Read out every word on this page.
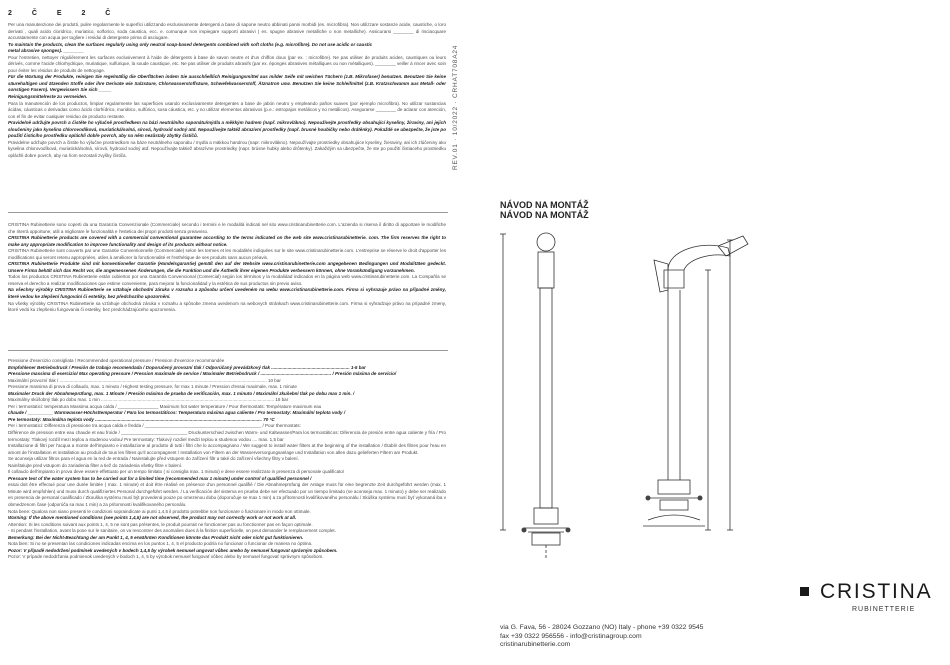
2 Č E 2 Č

Per una manutenzione dei prodotti, pulire regolarmente le superfici utilizzando esclusivamente detergenti a base di sapone neutro abbinati panni morbidi (es. microfibra). Non utilizzare sostanze acide, caustiche, o loro derivati , quali acido cloridrico, muriatico, solforico, soda caustica, ecc. e. comunque non impiegare supporti abrasivi ( es. spugne abrasive metalliche o non metalliche). Assicurarsi ________ di risciacquare accuratamente con acqua per togliere i residui di detergente prima di asciugare.

To maintain the products, clean the surfaces regularly using only neutral soap-based detergents combined with soft cloths (e.g. microfibre). Do not use acidic or caustic

metal abrasive sponges). ________

Pour l'entretien, nettoyer régulièrement les surfaces exclusivement à l'aide de détergents à base de savon neutre et d'un chiffon doux (par ex. : microfibre). Ne pas utiliser de produits acides, caustiques ou leurs dérivés, comme l'acide chlorhydrique, muriatique, sulfurique, la soude caustique, etc. Ne pas utiliser de produits abrasifs (par ex. éponges abrasives métalliques ou non métalliques). ________ veiller à rincer avec soin pour éviter les résidus de produits de nettoyage.

Für die Wartung der Produkte, reinigen Sie regelmäßig die Oberflächen indem Sie ausschließlich Reinigungsmittel aus milder Seife mit weichen Tüchern (z.B. Mikrofaser) benutzen. Benutzen Sie keine säurehaltigen und ätzenden Stoffe oder ihre Derivate wie Salzsäure, Chlorwasserstoffsäure, Schwefelwasserstoff, Ätznatron usw. Benutzen Sie keine Schleifmittel (z.B. Kratzschwamm aus Metall- oder sonstigen Fasern). Vergewissern Sie sich _____

Reinigungsmittelreste zu vermeiden.

Para la manutención de los productos, limpiar regularmente las superficies usando exclusivamente detergentes a base de jabón neutro y empleando paños suaves (por ejemplo microfibra). No utilizar sustancias ácidas, cáusticas o derivadas como ácido clorhídrico, muriático, sulfúrico, sosa cáustica, etc. y no utilizar elementos abrasivos (p.e.: estropajos metálicos y no metálicos). Asegurarse ________ de aclarar con atención, con el fin de evitar cualquier residuo de producto restante.

Pravidelně udržujte povrch a čistěte ho výlučně prostředkem na bázi neutrálního saponátu/mýdla a měkkým hadrem (např. mikrovlákno). Nepoužívejte prostředky obsahující kyseliny, žíraviny, ani jejich sloučeniny jako kyselina chlorovodíková, muriatická/solná, sírová, hydroxid sodný atd. Nepoužívejte taktéž abrazivní prostředky (např. brusné houbičky nebo drátěnky). Pokaždé se ubezpečte, že jste po použití čisticího prostředku opláchli dobře povrch, aby na něm nezůstaly zbytky čističů.

Pravidelne udržujte povrch a čistite ho výlučne prostriedkom na báze neutrálneho saponátu / mydla a mäkkou handrou (napr. mikrovlákno). Nepoužívajte prostriedky obsahujúce kyseliny, žieraviny, ani ich zlúčeniny ako kyselina chlorovodíková, muriatická/solná, sírová, hydroxid sodný atď. Nepoužívajte taktiež abrazívne prostriedky (napr. brúsne hubky alebo drôtenky). Zakaždým sa ubezpečte, že ste po použití čistiaceho prostriedku opláchli dobre povrch, aby na ňom nezostali zvyšky čističa.

CRISTINA Rubinetterie sono coperti da una Garanzia Convenzionale (Commerciale) secondo i termini e le modalità indicati nel sito www.cristinarubinetterie.com. L'azienda si riserva il diritto di apportare le modifiche che riterrà opportune, utili a migliorare le funzionalità e l'estetica dei propri prodotti senza preavviso.

CRISTINA Rubinetterie products are covered with a commercial conventional guarantee according to the terms indicated on the web site www.cristinarubinetterie. com. The firm reserves the right to make any appropriate modification to improve functionality and design of its products without notice.

CRISTINA Rubinetterie sont couverts par une Garantie Conventionnelle (Commerciale) selon les termes et les modalités indiquées sur le site www.cristinarubinetterie.com. L'entreprise se réserve le droit d'apporter les modifications qui seront retenu appropriées, utiles à améliorer la fonctionnalité et l'esthétique de ses produits sans aucun préavis.

CRISTINA Rubinetterie Produkte sind mit konventioneller Garantie (Handelsgarantie) gemäß den auf der Website www.cristinarubinetterie.com angegebenen Bedingungen und Modalitäten gedeckt. Unsere Firma behält sich das Recht vor, die angemessenen Änderungen, die die Funktion und die Ästhetik ihrer eigenen Produkte verbessern können, ohne Vorankündigung vorzunehmen.

Todos los productos CRISTINA Rubinetterie están cubiertos por una Garantía Convencional (Comercial) según los términos y la modalidad indicados en la página web www.cristinarubinetterie.com. La Compañía se reserva el derecho a realizar modificaciones que estime conveniente, para mejorar la funcionalidad y la estética de sus productos sin previo aviso.

Na všechny výrobky CRISTINA Rubinetterie se vztahuje obchodní záruka v rozsahu a způsobu určení uvedeném na webu www.cristinarubinetterie.com. Firma si vyhrazuje právo na případné změny, které vedou ke zlepšení fungování či estetiky, bez předchozího upozornění.

Na všetky výrobky CRISTINA Rubinetterie sa vzťahuje obchodná záruka v rozsahu a spôsobe zmena uvedenom na webovych stránkach www.cristinarubinetterie.com. Firma si vyhradzuje právo na prípadné zmeny, ktoré vedú ku zlepšeniu fungovania či estetiky, bez predchádzajúceho upozornenia.

Pressione d'esercizio consigliata / Recommended operational pressure / Pression d'exercice recommandée

Empfohlener Betriebsdruck / Presión de trabajo recomendada / Doporučený provozní tlak / Odporúčaný prevádzkový tlak .............................................................. 1-5 bar

Pressione massima di esercizio/ Max operating pressure / Pression maximale de service / Maximaler Betriebsdruck / ........................................................ / Presión máxima de servicio/

Maximální provozní tlak / .................................................................................................................................................................... 10 bar

Pressione massima di prova di collaudo, max. 1 minuto / Highest testing pressure, for max 1 minute / Pression d'essai maximale, max. 1 minute

Maximaler Druck der Abnahmeprüfung, max. 1 Minute / Presión máxima de prueba de verificación, max. 1 minuto / Maximální zkušební tlak po dobu max 1 min. /

Maximálny skúšobný tlak po dobu max. 1 min ......................................................................................................................................... 16 bar

Per i termostatici: temperatura Massima acqua calda / ________________ Maximum hot water temperature / Pour thermostats: Température maximum eau

chaude / __________ Warmwasser-Höchsttemperatur / Para los termostáticos: Temperatura máxima agua caliente / Pro termostaty: Maximální teplota vody /

Pre termostaty: Maximálna teplota vody .................................................................................................................................... 70 °C

Per i termostatici: Differenza di pressione tra acqua calda e fredda / ______________________________________________ / Pour thermostats:

Différence de pression entre eau chaude et eau froide / __________________________ Druckunterschied zwischen Warm- und Kaltwasser/Para los termostáticos: Diferencia de presión entre agua caliente y fría / Pro termostaty: Tlakový rozdíl mezi teplou a studenou vodou/ Pre termostaty: Tlakový rozdiel medzi teplou a studenou vodou .... max. 1,5 bar

Installazione di filtri per l'acqua a monte dell'impianto e installazione al prodotto di tutti i filtri che lo accompagnano / We suggest to install water filters at the beginning of the installation / Établir des filtres pour l'eau en amont de l'installation et installation au produit de tous les filtres qu'il accompagnent / Installation von Filtern an der Wasserversorgungsanlage und Installation von allen dazu gelieferten Filtern am Produkt.

Se aconseja utilizar filtros para el agua en la red de entrada / Nainstalujte před vstupem do zařízení filtr a také do zařízení všechny filtry v balení.

Nainštalujte pred vstupom do zariadenia filter a tiež do zariadenia všetky filtre v balení.

Il collaudo dell'impianto in prova deve essere effettuato per un tempo limitato ( si consiglia max. 1 minuto) e deve essere realizzato in presenza di personale qualificato/

Pressure test of the water system has to be carried out for a limited time (recommended max 1 minute) under control of qualified personnel /

essai doit être effectué pour une durée limitée ( max. 1 minute) et doit être réalisé en présence d'un personnel qualifié / Die Abnahmeprüfung der Anlage muss für eine begrenzte Zeit durchgeführt werden (max. 1 Minute wird empfohlen) und muss durch qualifiziertes Personal durchgeführt werden. / La verificación del sistema en prueba debe ser efectuado por un tiempo limitado (se aconseja max. 1 minuto) y debe ser realizado en presencia de personal cualificado / Zkouška systému musí být provedená pouze po omezenou dobu (doporučuje se max 1 min) a za přítomnosti kvalifikovaného personálu / Skúška systému musí byť vykonaná iba v obmedzenom čase (odporúča sa max 1 min) a za prítomnosti kvalifikovaného personálu.

Nota bene: Qualora non siano presenti le condizioni sopraindicate ai punti 1,4,5 il prodotto potrebbe non funzionare o funzionare in modo non ottimale.

Warning: If the above mentioned conditions (see points 1,4,5) are not observed, the product may not correctly work or not work at all.

Attention: Si les conditions suivant aux points 1, 4, 5 ne sont pas présentes, le produit pourrait ne fonctionner pas ou fonctionner pas en façon optimale.

- Si pendant l'installation, avant la pose sur le sanitaire, on va rencontrer des anomalies dues à la finition superficielle, on peut demander le remplacement complet.

Bemerkung: Bei der Nicht-Beachtung der am Punkt 1, 4, 5 erwähnten Konditionen könnte das Produkt nicht oder nicht gut funktionieren.

Nota bien: Si no se presentan las condiciones indicadas encima en los puntos 1, 4, 5 el producto podría no funcionar o funcionar de manera no óptima.

Pozor: V případě nedodržení podmínek uvedených v bodech 1,4,5 by výrobek nemusel ungovat vůbec anebo by nemusel fungovat správným způsobem.

Pozor: V prípade nedodržania podmienok uvedených v bodoch 1, 4, 5 by výrobok nemusel fungovať vôbec alebo by nemusel fungovať správnym spôsobom.

REV.01 · 10/2022 · CRHAT708A24
NÁVOD NA MONTÁŽ
NÁVOD NA MONTÁŽ
CRISTINA
RUBINETTERIE
via G. Fava, 56 - 28024 Gozzano (NO) Italy - phone +39 0322 9545
fax +39 0322 956556 - info@cristinagroup.com
cristinarubinetterie.com
